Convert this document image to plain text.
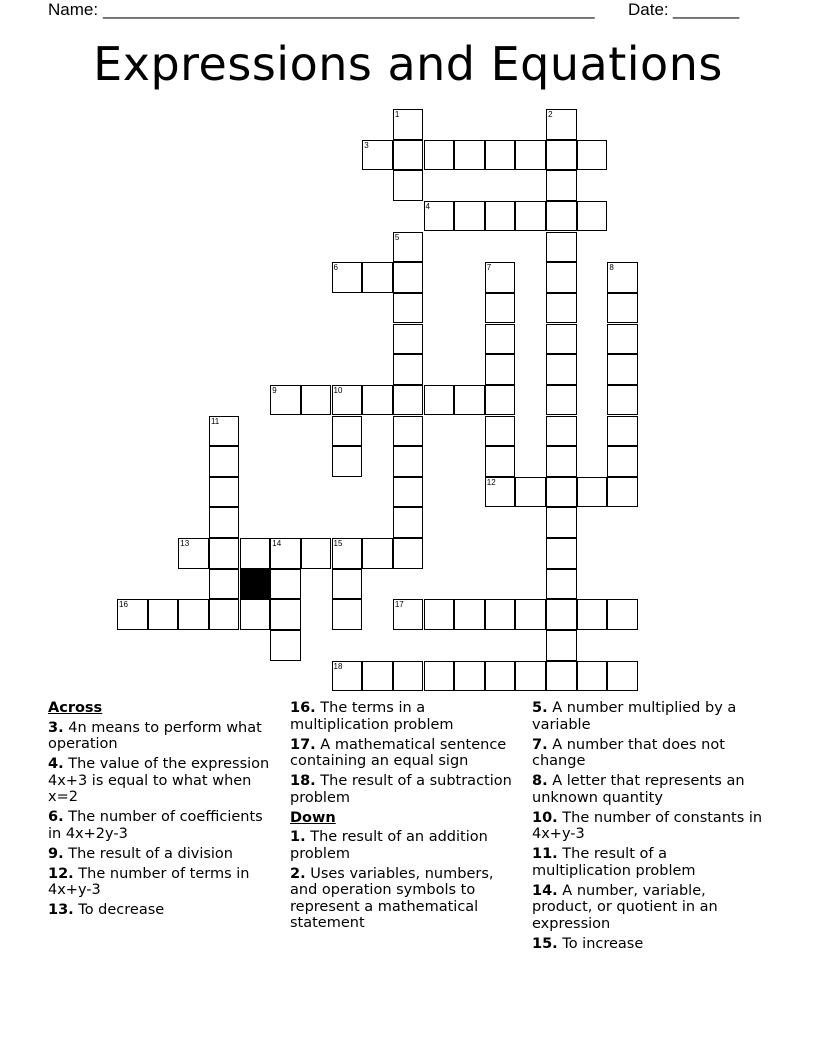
Name: ____________________________________________________ Date: _______
Expressions and Equations
1	2
3
4
5
6	7
12
8
9	10
11
13	14	15
16	17
18
Across
3. 4n means to perform what operation
4. The value of the expression 4x+3 is equal to what when x=2
6. The number of coefficients in 4x+2y-3
9. The result of a division
12. The number of terms in 4x+y-3
13. To decrease
16. The terms in a multiplication problem
17. A mathematical sentence containing an equal sign
18. The result of a subtraction problem
Down
1. The result of an addition problem
2. Uses variables, numbers, and operation symbols to represent a mathematical statement
5. A number multiplied by a variable
7. A number that does not change
8. A letter that represents an unknown quantity
10. The number of constants in 4x+y-3
11. The result of a multiplication problem
14. A number, variable, product, or quotient in an expression
15. To increase
